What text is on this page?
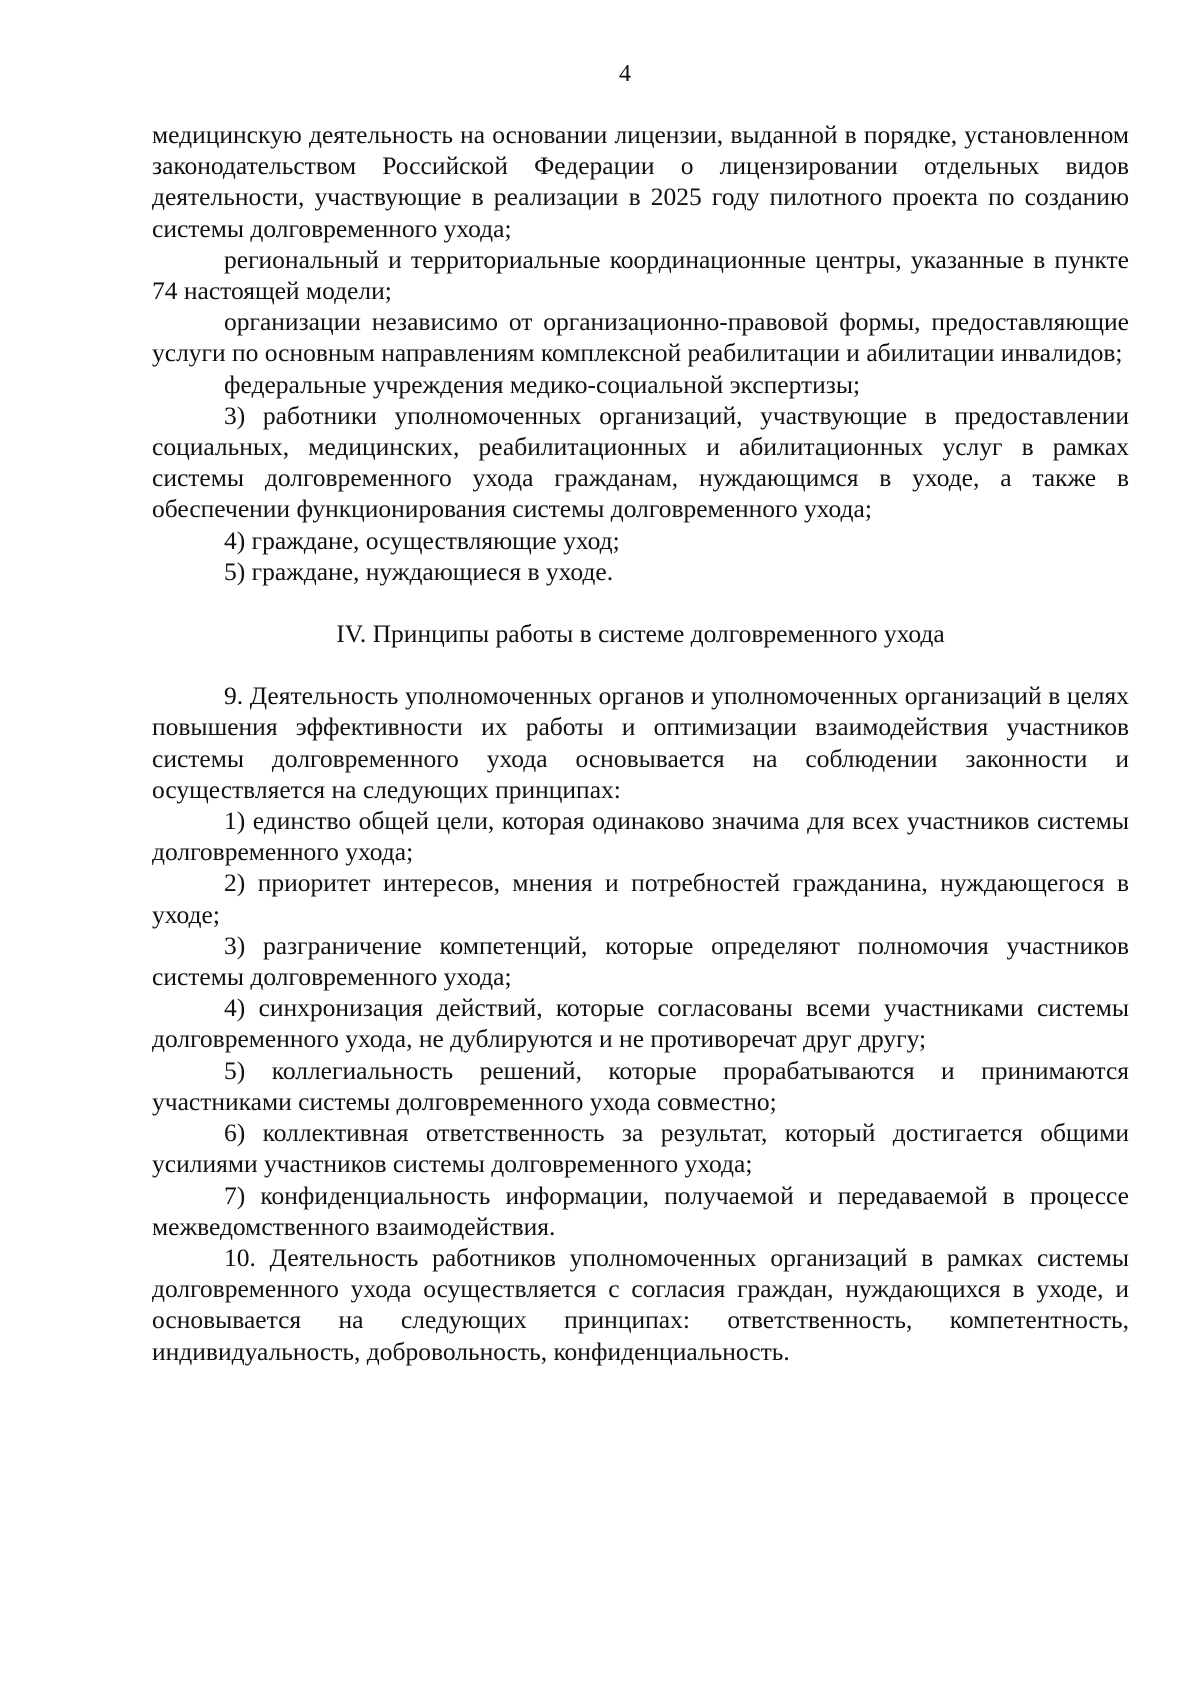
4

медицинскую деятельность на основании лицензии, выданной в порядке, установленном законодательством Российской Федерации о лицензировании отдельных видов деятельности, участвующие в реализации в 2025 году пилотного проекта по созданию системы долговременного ухода;

региональный и территориальные координационные центры, указанные в пункте 74 настоящей модели;

организации независимо от организационно-правовой формы, предоставляющие услуги по основным направлениям комплексной реабилитации и абилитации инвалидов;

федеральные учреждения медико-социальной экспертизы;

3) работники уполномоченных организаций, участвующие в предоставлении социальных, медицинских, реабилитационных и абилитационных услуг в рамках системы долговременного ухода гражданам, нуждающимся в уходе, а также в обеспечении функционирования системы долговременного ухода;

4) граждане, осуществляющие уход;

5) граждане, нуждающиеся в уходе.

IV. Принципы работы в системе долговременного ухода

9. Деятельность уполномоченных органов и уполномоченных организаций в целях повышения эффективности их работы и оптимизации взаимодействия участников системы долговременного ухода основывается на соблюдении законности и осуществляется на следующих принципах:

1) единство общей цели, которая одинаково значима для всех участников системы долговременного ухода;

2) приоритет интересов, мнения и потребностей гражданина, нуждающегося в уходе;

3) разграничение компетенций, которые определяют полномочия участников системы долговременного ухода;

4) синхронизация действий, которые согласованы всеми участниками системы долговременного ухода, не дублируются и не противоречат друг другу;

5) коллегиальность решений, которые прорабатываются и принимаются участниками системы долговременного ухода совместно;

6) коллективная ответственность за результат, который достигается общими усилиями участников системы долговременного ухода;

7) конфиденциальность информации, получаемой и передаваемой в процессе межведомственного взаимодействия.

10. Деятельность работников уполномоченных организаций в рамках системы долговременного ухода осуществляется с согласия граждан, нуждающихся в уходе, и основывается на следующих принципах: ответственность, компетентность, индивидуальность, добровольность, конфиденциальность.
